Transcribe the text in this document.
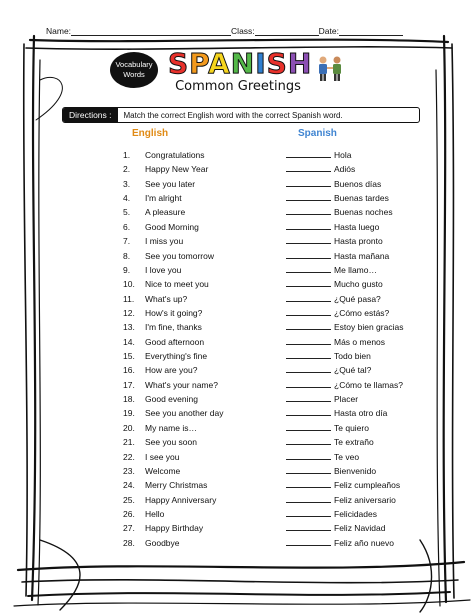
Name:	Class:	Date:
Vocabulary
Words SPANISH
Common Greetings
Directions :	Match the correct English word with the correct Spanish word.
English	Spanish
1. Congratulations	Hola
2. Happy New Year	Adiós
3. See you later	Buenos días
4. I'm alright	Buenas tardes
5. A pleasure	Buenas noches
6. Good Morning	Hasta luego
7. I miss you	Hasta pronto
8. See you tomorrow	Hasta mañana
9. I love you	Me llamo…
10. Nice to meet you	Mucho gusto
11. What's up?	¿Qué pasa?
12. How's it going?	¿Cómo estás?
13. I'm fine, thanks	Estoy bien gracias
14. Good afternoon	Más o menos
15. Everything's fine	Todo bien
16. How are you?	¿Qué tal?
17. What's your name?	¿Cómo te llamas?
18. Good evening	Placer
19. See you another day	Hasta otro día
20. My name is…	Te quiero
21. See you soon	Te extraño
22. I see you	Te veo
23. Welcome	Bienvenido
24. Merry Christmas	Feliz cumpleaños
25. Happy Anniversary	Feliz aniversario
26. Hello	Felicidades
27. Happy Birthday	Feliz Navidad
28. Goodbye	Feliz año nuevo
